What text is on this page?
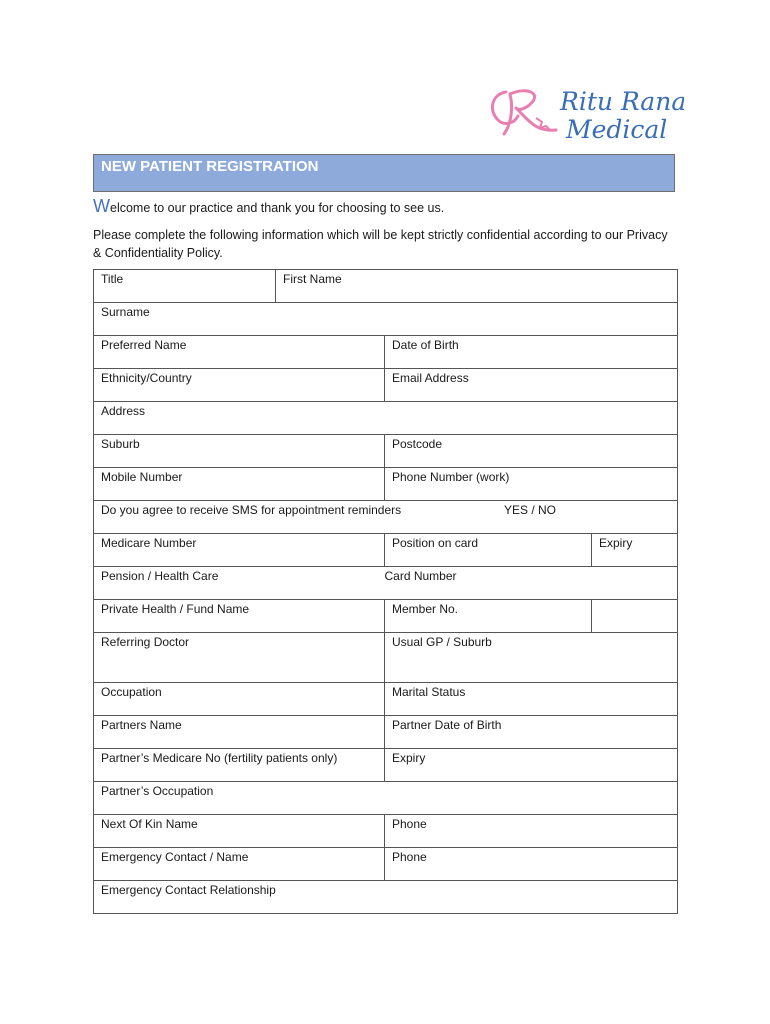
Ritu Rana
Medical
NEW PATIENT REGISTRATION
Welcome to our practice and thank you for choosing to see us.
Please complete the following information which will be kept strictly confidential according to our Privacy & Confidentiality Policy.
Title	First Name		
Surname			
Preferred Name		Date of Birth	
Ethnicity/Country		Email Address	
Address			
Suburb		Postcode	
Mobile Number		Phone Number (work)	
Do you agree to receive SMS for appointment reminders YES / NO			

Medicare Number		Position on card	Expiry
Pension / Health Care		Card Number	
Private Health / Fund Name		Member No.	
Referring Doctor		Usual GP / Suburb	
Occupation		Marital Status	
Partners Name		Partner Date of Birth	
Partner’s Medicare No (fertility patients only)		Expiry	
Partner’s Occupation			
Next Of Kin Name		Phone	
Emergency Contact / Name		Phone	
Emergency Contact Relationship			
